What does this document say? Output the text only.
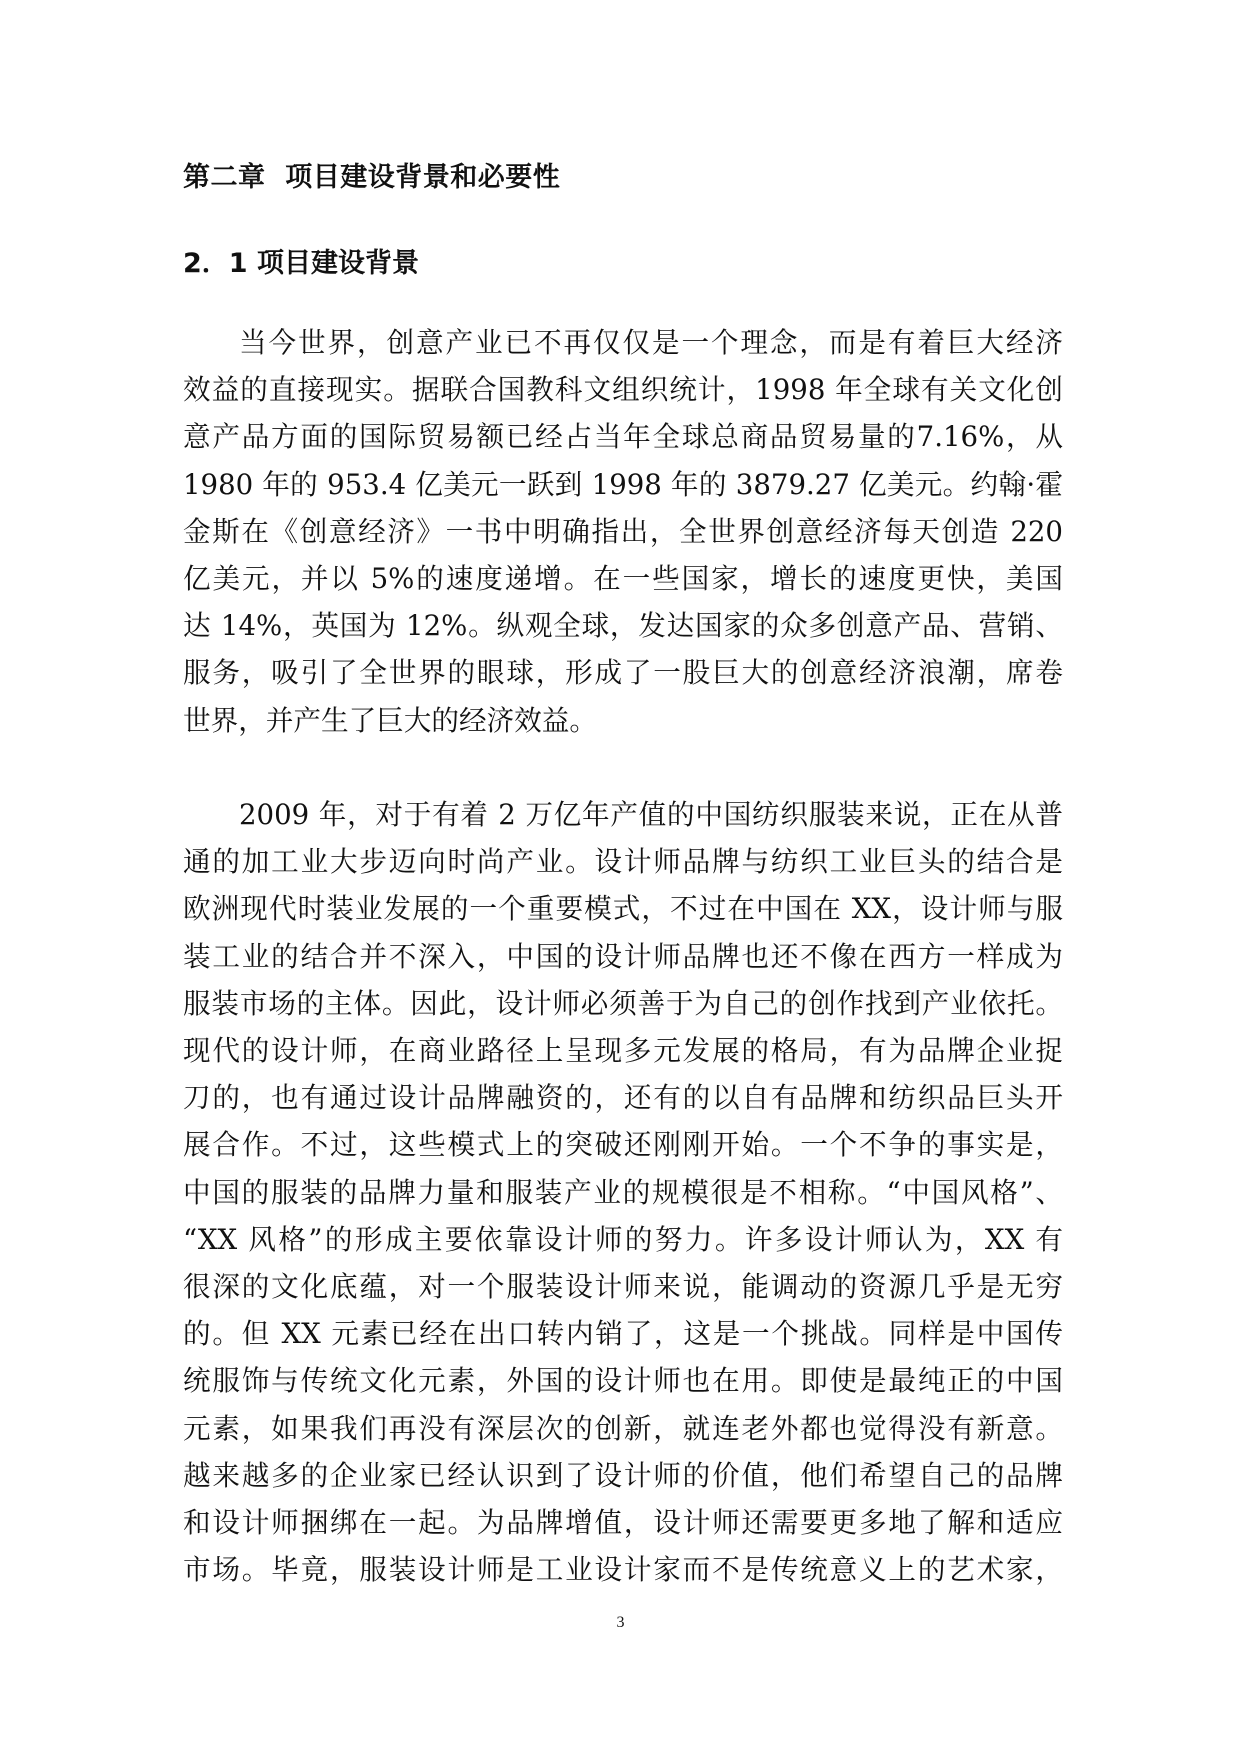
第二章  项目建设背景和必要性
2．1 项目建设背景
当今世界，创意产业已不再仅仅是一个理念，而是有着巨大经济
效益的直接现实。据联合国教科文组织统计，1998 年全球有关文化创
意产品方面的国际贸易额已经占当年全球总商品贸易量的7.16%，从
1980 年的 953.4 亿美元一跃到 1998 年的 3879.27 亿美元。约翰·霍
金斯在《创意经济》一书中明确指出，全世界创意经济每天创造 220
亿美元，并以 5%的速度递增。在一些国家，增长的速度更快，美国
达 14%，英国为 12%。纵观全球，发达国家的众多创意产品、营销、
服务，吸引了全世界的眼球，形成了一股巨大的创意经济浪潮，席卷
世界，并产生了巨大的经济效益。
2009 年，对于有着 2 万亿年产值的中国纺织服装来说，正在从普
通的加工业大步迈向时尚产业。设计师品牌与纺织工业巨头的结合是
欧洲现代时装业发展的一个重要模式，不过在中国在 XX，设计师与服
装工业的结合并不深入，中国的设计师品牌也还不像在西方一样成为
服装市场的主体。因此，设计师必须善于为自己的创作找到产业依托。
现代的设计师，在商业路径上呈现多元发展的格局，有为品牌企业捉
刀的，也有通过设计品牌融资的，还有的以自有品牌和纺织品巨头开
展合作。不过，这些模式上的突破还刚刚开始。一个不争的事实是，
中国的服装的品牌力量和服装产业的规模很是不相称。“中国风格”、
“XX 风格”的形成主要依靠设计师的努力。许多设计师认为，XX 有
很深的文化底蕴，对一个服装设计师来说，能调动的资源几乎是无穷
的。但 XX 元素已经在出口转内销了，这是一个挑战。同样是中国传
统服饰与传统文化元素，外国的设计师也在用。即使是最纯正的中国
元素，如果我们再没有深层次的创新，就连老外都也觉得没有新意。
越来越多的企业家已经认识到了设计师的价值，他们希望自己的品牌
和设计师捆绑在一起。为品牌增值，设计师还需要更多地了解和适应
市场。毕竟，服装设计师是工业设计家而不是传统意义上的艺术家，
3
